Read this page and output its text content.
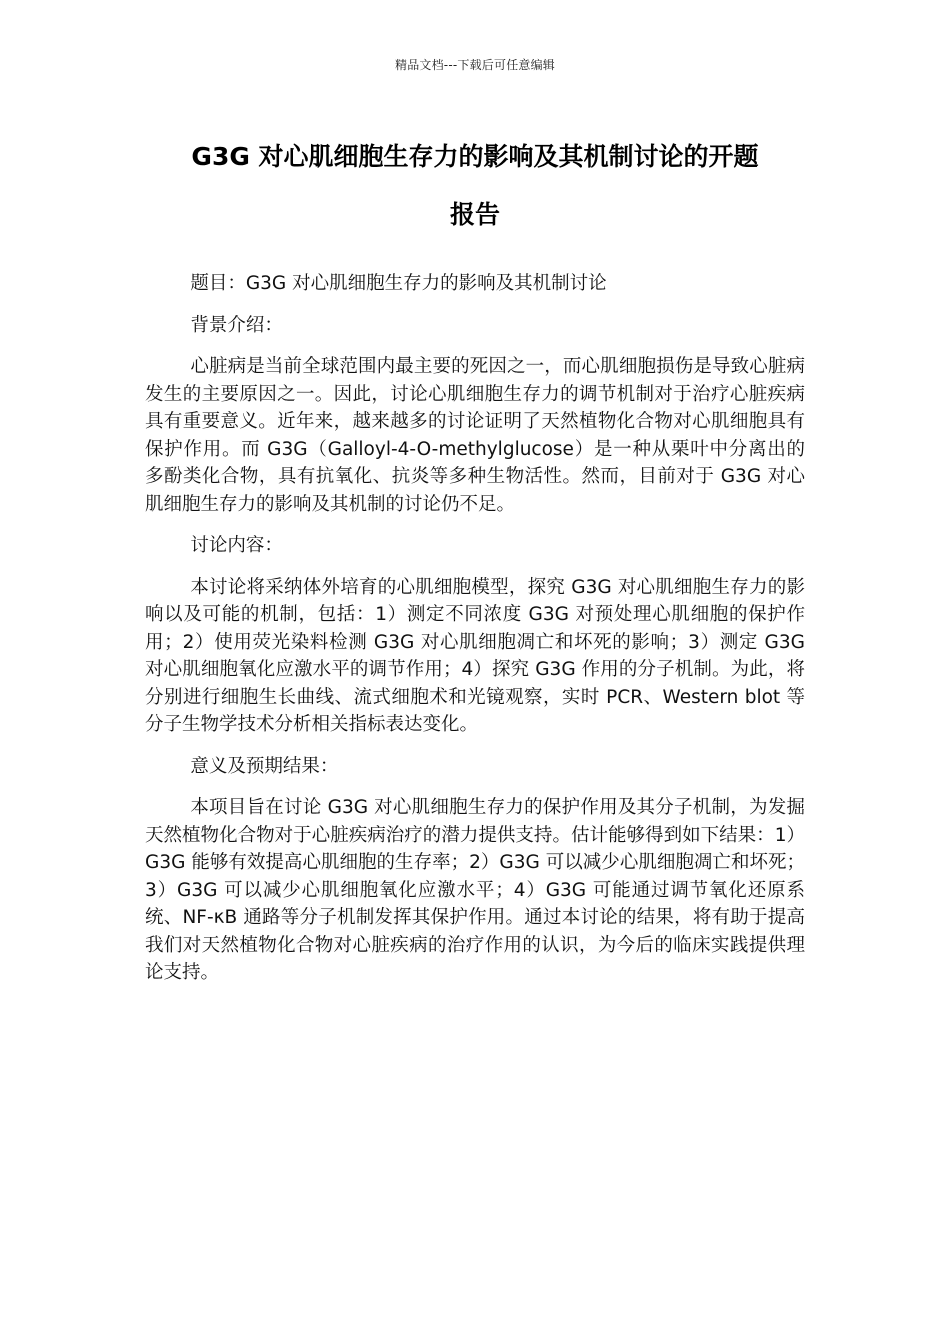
精品文档---下载后可任意编辑
G3G 对心肌细胞生存力的影响及其机制讨论的开题
报告

题目：G3G 对心肌细胞生存力的影响及其机制讨论

背景介绍：

心脏病是当前全球范围内最主要的死因之一，而心肌细胞损伤是导致心脏病发生的主要原因之一。因此，讨论心肌细胞生存力的调节机制对于治疗心脏疾病具有重要意义。近年来，越来越多的讨论证明了天然植物化合物对心肌细胞具有保护作用。而 G3G（Galloyl-4-O-methylglucose）是一种从栗叶中分离出的多酚类化合物，具有抗氧化、抗炎等多种生物活性。然而，目前对于 G3G 对心肌细胞生存力的影响及其机制的讨论仍不足。

讨论内容：

本讨论将采纳体外培育的心肌细胞模型，探究 G3G 对心肌细胞生存力的影响以及可能的机制，包括：1）测定不同浓度 G3G 对预处理心肌细胞的保护作用；2）使用荧光染料检测 G3G 对心肌细胞凋亡和坏死的影响；3）测定 G3G 对心肌细胞氧化应激水平的调节作用；4）探究 G3G 作用的分子机制。为此，将分别进行细胞生长曲线、流式细胞术和光镜观察，实时 PCR、Western blot 等分子生物学技术分析相关指标表达变化。

意义及预期结果：

本项目旨在讨论 G3G 对心肌细胞生存力的保护作用及其分子机制，为发掘天然植物化合物对于心脏疾病治疗的潜力提供支持。估计能够得到如下结果：1）G3G 能够有效提高心肌细胞的生存率；2）G3G 可以减少心肌细胞凋亡和坏死；3）G3G 可以减少心肌细胞氧化应激水平；4）G3G 可能通过调节氧化还原系统、NF-κB 通路等分子机制发挥其保护作用。通过本讨论的结果，将有助于提高我们对天然植物化合物对心脏疾病的治疗作用的认识，为今后的临床实践提供理论支持。
